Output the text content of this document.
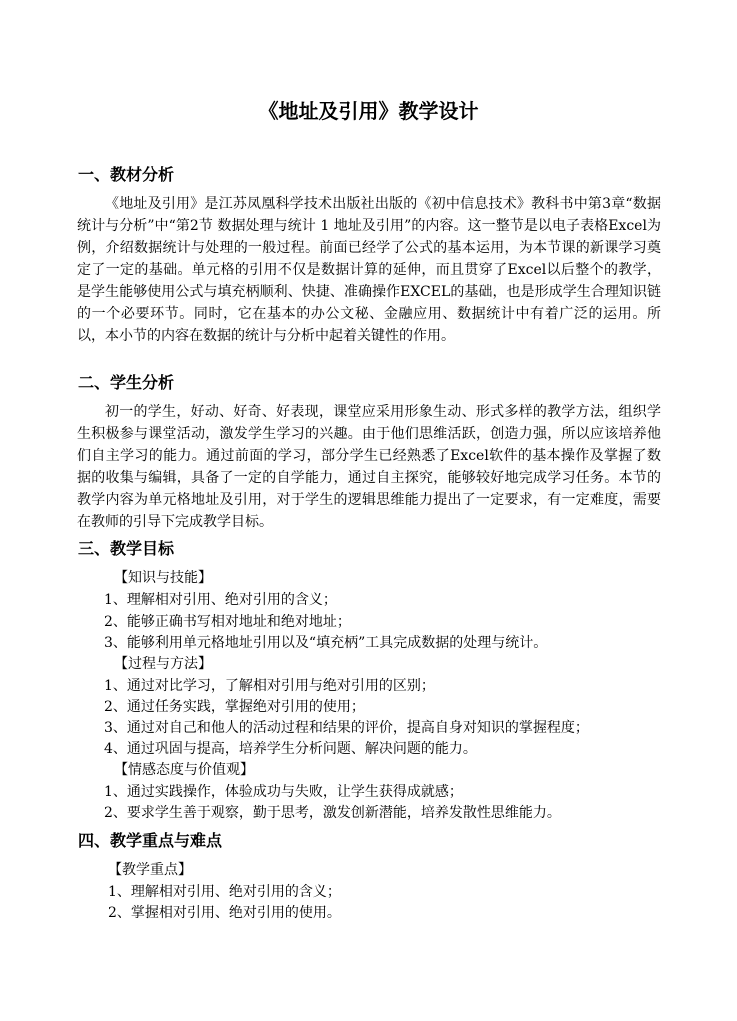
《地址及引用》教学设计
一、教材分析

《地址及引用》是江苏凤凰科学技术出版社出版的《初中信息技术》教科书中第3章“数据统计与分析”中“第2节 数据处理与统计 1 地址及引用”的内容。这一整节是以电子表格Excel为例，介绍数据统计与处理的一般过程。前面已经学了公式的基本运用，为本节课的新课学习奠定了一定的基础。单元格的引用不仅是数据计算的延伸，而且贯穿了Excel以后整个的教学，是学生能够使用公式与填充柄顺利、快捷、准确操作EXCEL的基础，也是形成学生合理知识链的一个必要环节。同时，它在基本的办公文秘、金融应用、数据统计中有着广泛的运用。所以，本小节的内容在数据的统计与分析中起着关键性的作用。

二、学生分析

初一的学生，好动、好奇、好表现，课堂应采用形象生动、形式多样的教学方法，组织学生积极参与课堂活动，激发学生学习的兴趣。由于他们思维活跃，创造力强，所以应该培养他们自主学习的能力。通过前面的学习，部分学生已经熟悉了Excel软件的基本操作及掌握了数据的收集与编辑，具备了一定的自学能力，通过自主探究，能够较好地完成学习任务。本节的教学内容为单元格地址及引用，对于学生的逻辑思维能力提出了一定要求，有一定难度，需要在教师的引导下完成教学目标。

三、教学目标
【知识与技能】
1、理解相对引用、绝对引用的含义；
2、能够正确书写相对地址和绝对地址；
3、能够利用单元格地址引用以及“填充柄”工具完成数据的处理与统计。
【过程与方法】
1、通过对比学习，了解相对引用与绝对引用的区别；
2、通过任务实践，掌握绝对引用的使用；
3、通过对自己和他人的活动过程和结果的评价，提高自身对知识的掌握程度；
4、通过巩固与提高，培养学生分析问题、解决问题的能力。
【情感态度与价值观】
1、通过实践操作，体验成功与失败，让学生获得成就感；
2、要求学生善于观察，勤于思考，激发创新潜能，培养发散性思维能力。
四、教学重点与难点
【教学重点】
1、理解相对引用、绝对引用的含义；
2、掌握相对引用、绝对引用的使用。
